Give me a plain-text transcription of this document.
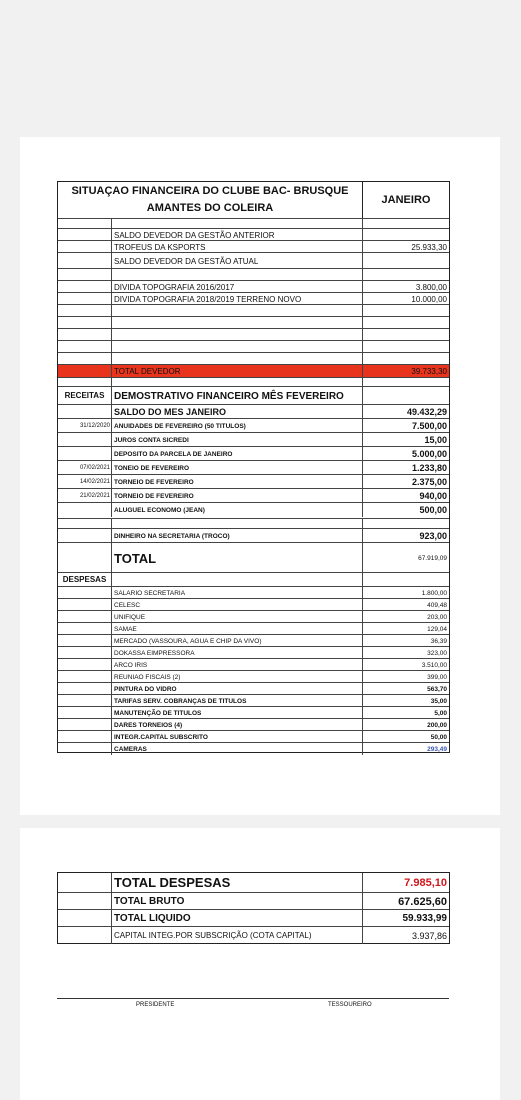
SITUAÇAO FINANCEIRA DO CLUBE BAC- BRUSQUE
AMANTES DO COLEIRA
JANEIRO
SALDO DEVEDOR DA GESTÃO ANTERIOR
TROFEUS DA KSPORTS	25.933,30
SALDO DEVEDOR DA GESTÃO ATUAL
DIVIDA TOPOGRAFIA 2016/2017	3.800,00
DIVIDA TOPOGRAFIA 2018/2019 TERRENO NOVO	10.000,00
TOTAL DEVEDOR	39.733,30
RECEITAS DEMOSTRATIVO FINANCEIRO MÊS FEVEREIRO
SALDO DO MES JANEIRO	49.432,29
31/12/2020 ANUIDADES DE FEVEREIRO (50 TITULOS)	7.500,00
JUROS CONTA SICREDI	15,00
DEPOSITO DA PARCELA DE JANEIRO	5.000,00
07/02/2021 TONEIO DE FEVEREIRO	1.233,80
14/02/2021 TORNEIO DE FEVEREIRO	2.375,00
21/02/2021 TORNEIO DE FEVEREIRO	940,00
ALUGUEL ECONOMO (JEAN)	500,00
DINHEIRO NA SECRETARIA (TROCO)	923,00
TOTAL	67.919,09
DESPESAS
SALARIO SECRETARIA	1.800,00
CELESC	409,48
UNIFIQUE	203,00
SAMAE	129,04
MERCADO (VASSOURA, AGUA E CHIP DA VIVO)	36,39
DOKASSA EIMPRESSORA	323,00
ARCO IRIS	3.510,00
REUNIAO FISCAIS (2)	399,00
PINTURA DO VIDRO	563,70
TARIFAS SERV. COBRANÇAS DE TITULOS	35,00
MANUTENÇÃO DE TITULOS	5,00
DARES TORNEIOS (4)	200,00
INTEGR.CAPITAL SUBSCRITO	50,00
CAMERAS	293,49
TOTAL DESPESAS	7.985,10
TOTAL BRUTO	67.625,60
TOTAL LIQUIDO	59.933,99
CAPITAL INTEG.POR SUBSCRIÇÃO (COTA CAPITAL)	3.937,86
PRESIDENTE	TESSOUREIRO
